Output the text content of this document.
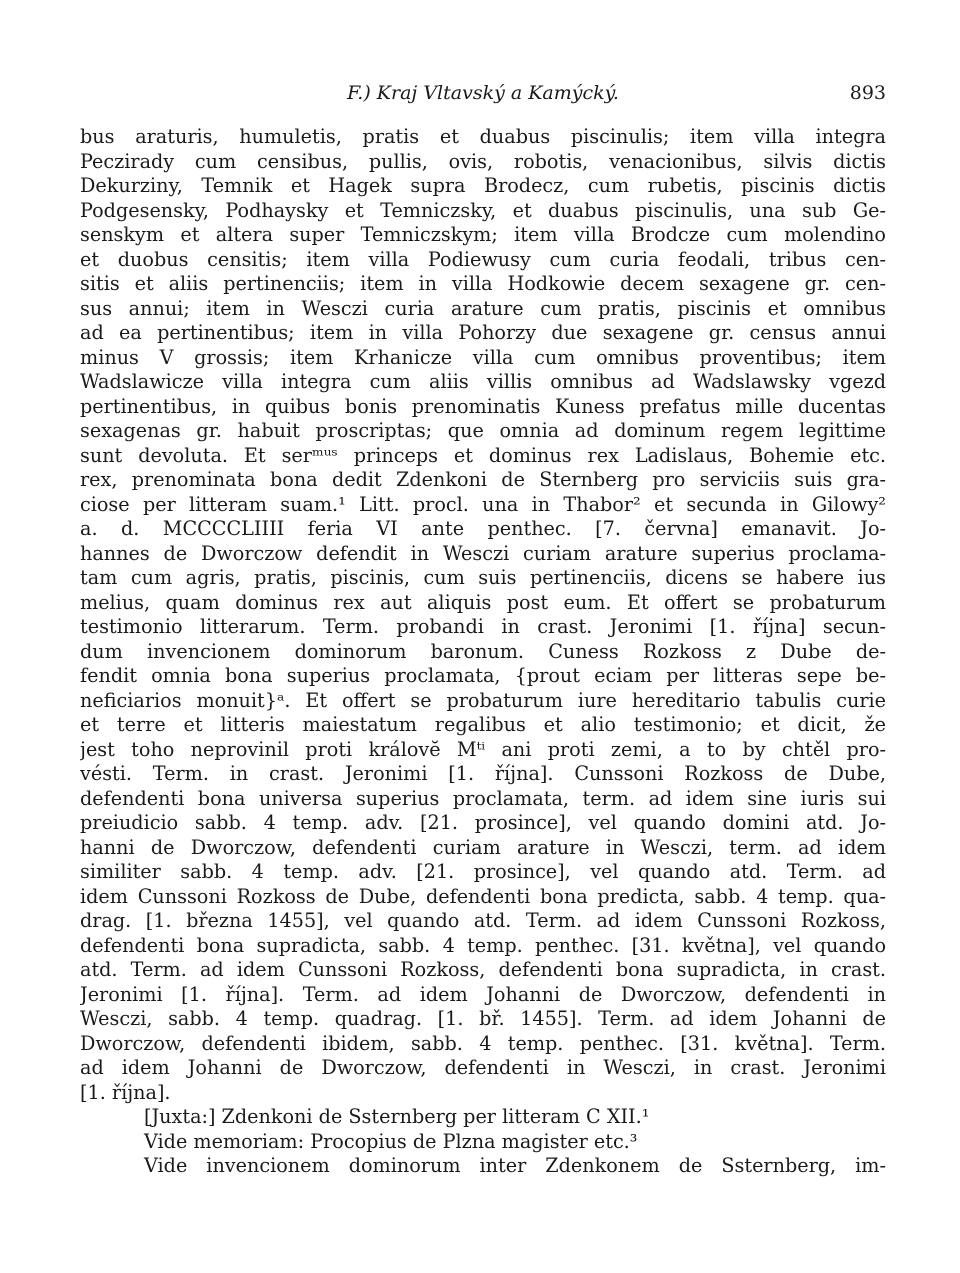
F.) Kraj Vltavský a Kamýcký.	893
bus araturis, humuletis, pratis et duabus piscinulis; item villa integra
Peczirady cum censibus, pullis, ovis, robotis, venacionibus, silvis dictis
Dekurziny, Temnik et Hagek supra Brodecz, cum rubetis, piscinis dictis
Podgesensky, Podhaysky et Temniczsky, et duabus piscinulis, una sub Ge-
senskym et altera super Temniczskym; item villa Brodcze cum molendino
et duobus censitis; item villa Podiewusy cum curia feodali, tribus cen-
sitis et aliis pertinenciis; item in villa Hodkowie decem sexagene gr. cen-
sus annui; item in Wesczi curia arature cum pratis, piscinis et omnibus
ad ea pertinentibus; item in villa Pohorzy due sexagene gr. census annui
minus V grossis; item Krhanicze villa cum omnibus proventibus; item
Wadslawicze villa integra cum aliis villis omnibus ad Wadslawsky vgezd
pertinentibus, in quibus bonis prenominatis Kuness prefatus mille ducentas
sexagenas gr. habuit proscriptas; que omnia ad dominum regem legittime
sunt devoluta. Et serᵐᵘˢ princeps et dominus rex Ladislaus, Bohemie etc.
rex, prenominata bona dedit Zdenkoni de Sternberg pro serviciis suis gra-
ciose per litteram suam.¹ Litt. procl. una in Thabor² et secunda in Gilowy²
a. d. MCCCCLIIII feria VI ante penthec. [7. červnа] emanavit. Jo-
hannes de Dworczow defendit in Wesczi curiam arature superius proclama-
tam cum agris, pratis, piscinis, cum suis pertinenciis, dicens se habere ius
melius, quam dominus rex aut aliquis post eum. Et offert se probaturum
testimonio litterarum. Term. probandi in crast. Jeronimi [1. října] secun-
dum invencionem dominorum baronum. Cuness Rozkoss z Dube de-
fendit omnia bona superius proclamata, {prout eciam per litteras sepe be-
neficiarios monuit}ᵃ. Et offert se probaturum iure hereditario tabulis curie
et terre et litteris maiestatum regalibus et alio testimonio; et dicit, že
jest toho neprovinil proti královĕ Mᵗⁱ ani proti zemi, a to by chtěl pro-
vésti. Term. in crast. Jeronimi [1. října]. Cunssoni Rozkoss de Dube,
defendenti bona universa superius proclamata, term. ad idem sine iuris sui
preiudicio sabb. 4 temp. adv. [21. prosince], vel quando domini atd. Jo-
hanni de Dworczow, defendenti curiam arature in Wesczi, term. ad idem
similiter sabb. 4 temp. adv. [21. prosince], vel quando atd. Term. ad
idem Cunssoni Rozkoss de Dube, defendenti bona predicta, sabb. 4 temp. qua-
drag. [1. března 1455], vel quando atd. Term. ad idem Cunssoni Rozkoss,
defendenti bona supradicta, sabb. 4 temp. penthec. [31. května], vel quando
atd. Term. ad idem Cunssoni Rozkoss, defendenti bona supradicta, in crast.
Jeronimi [1. října]. Term. ad idem Johanni de Dworczow, defendenti in
Wesczi, sabb. 4 temp. quadrag. [1. bř. 1455]. Term. ad idem Johanni de
Dworczow, defendenti ibidem, sabb. 4 temp. penthec. [31. května]. Term.
ad idem Johanni de Dworczow, defendenti in Wesczi, in crast. Jeronimi
[1. října].
[Juxta:] Zdenkoni de Ssternberg per litteram C XII.¹
Vide memoriam: Procopius de Plzna magister etc.³
Vide invencionem dominorum inter Zdenkonem de Ssternberg, im-
